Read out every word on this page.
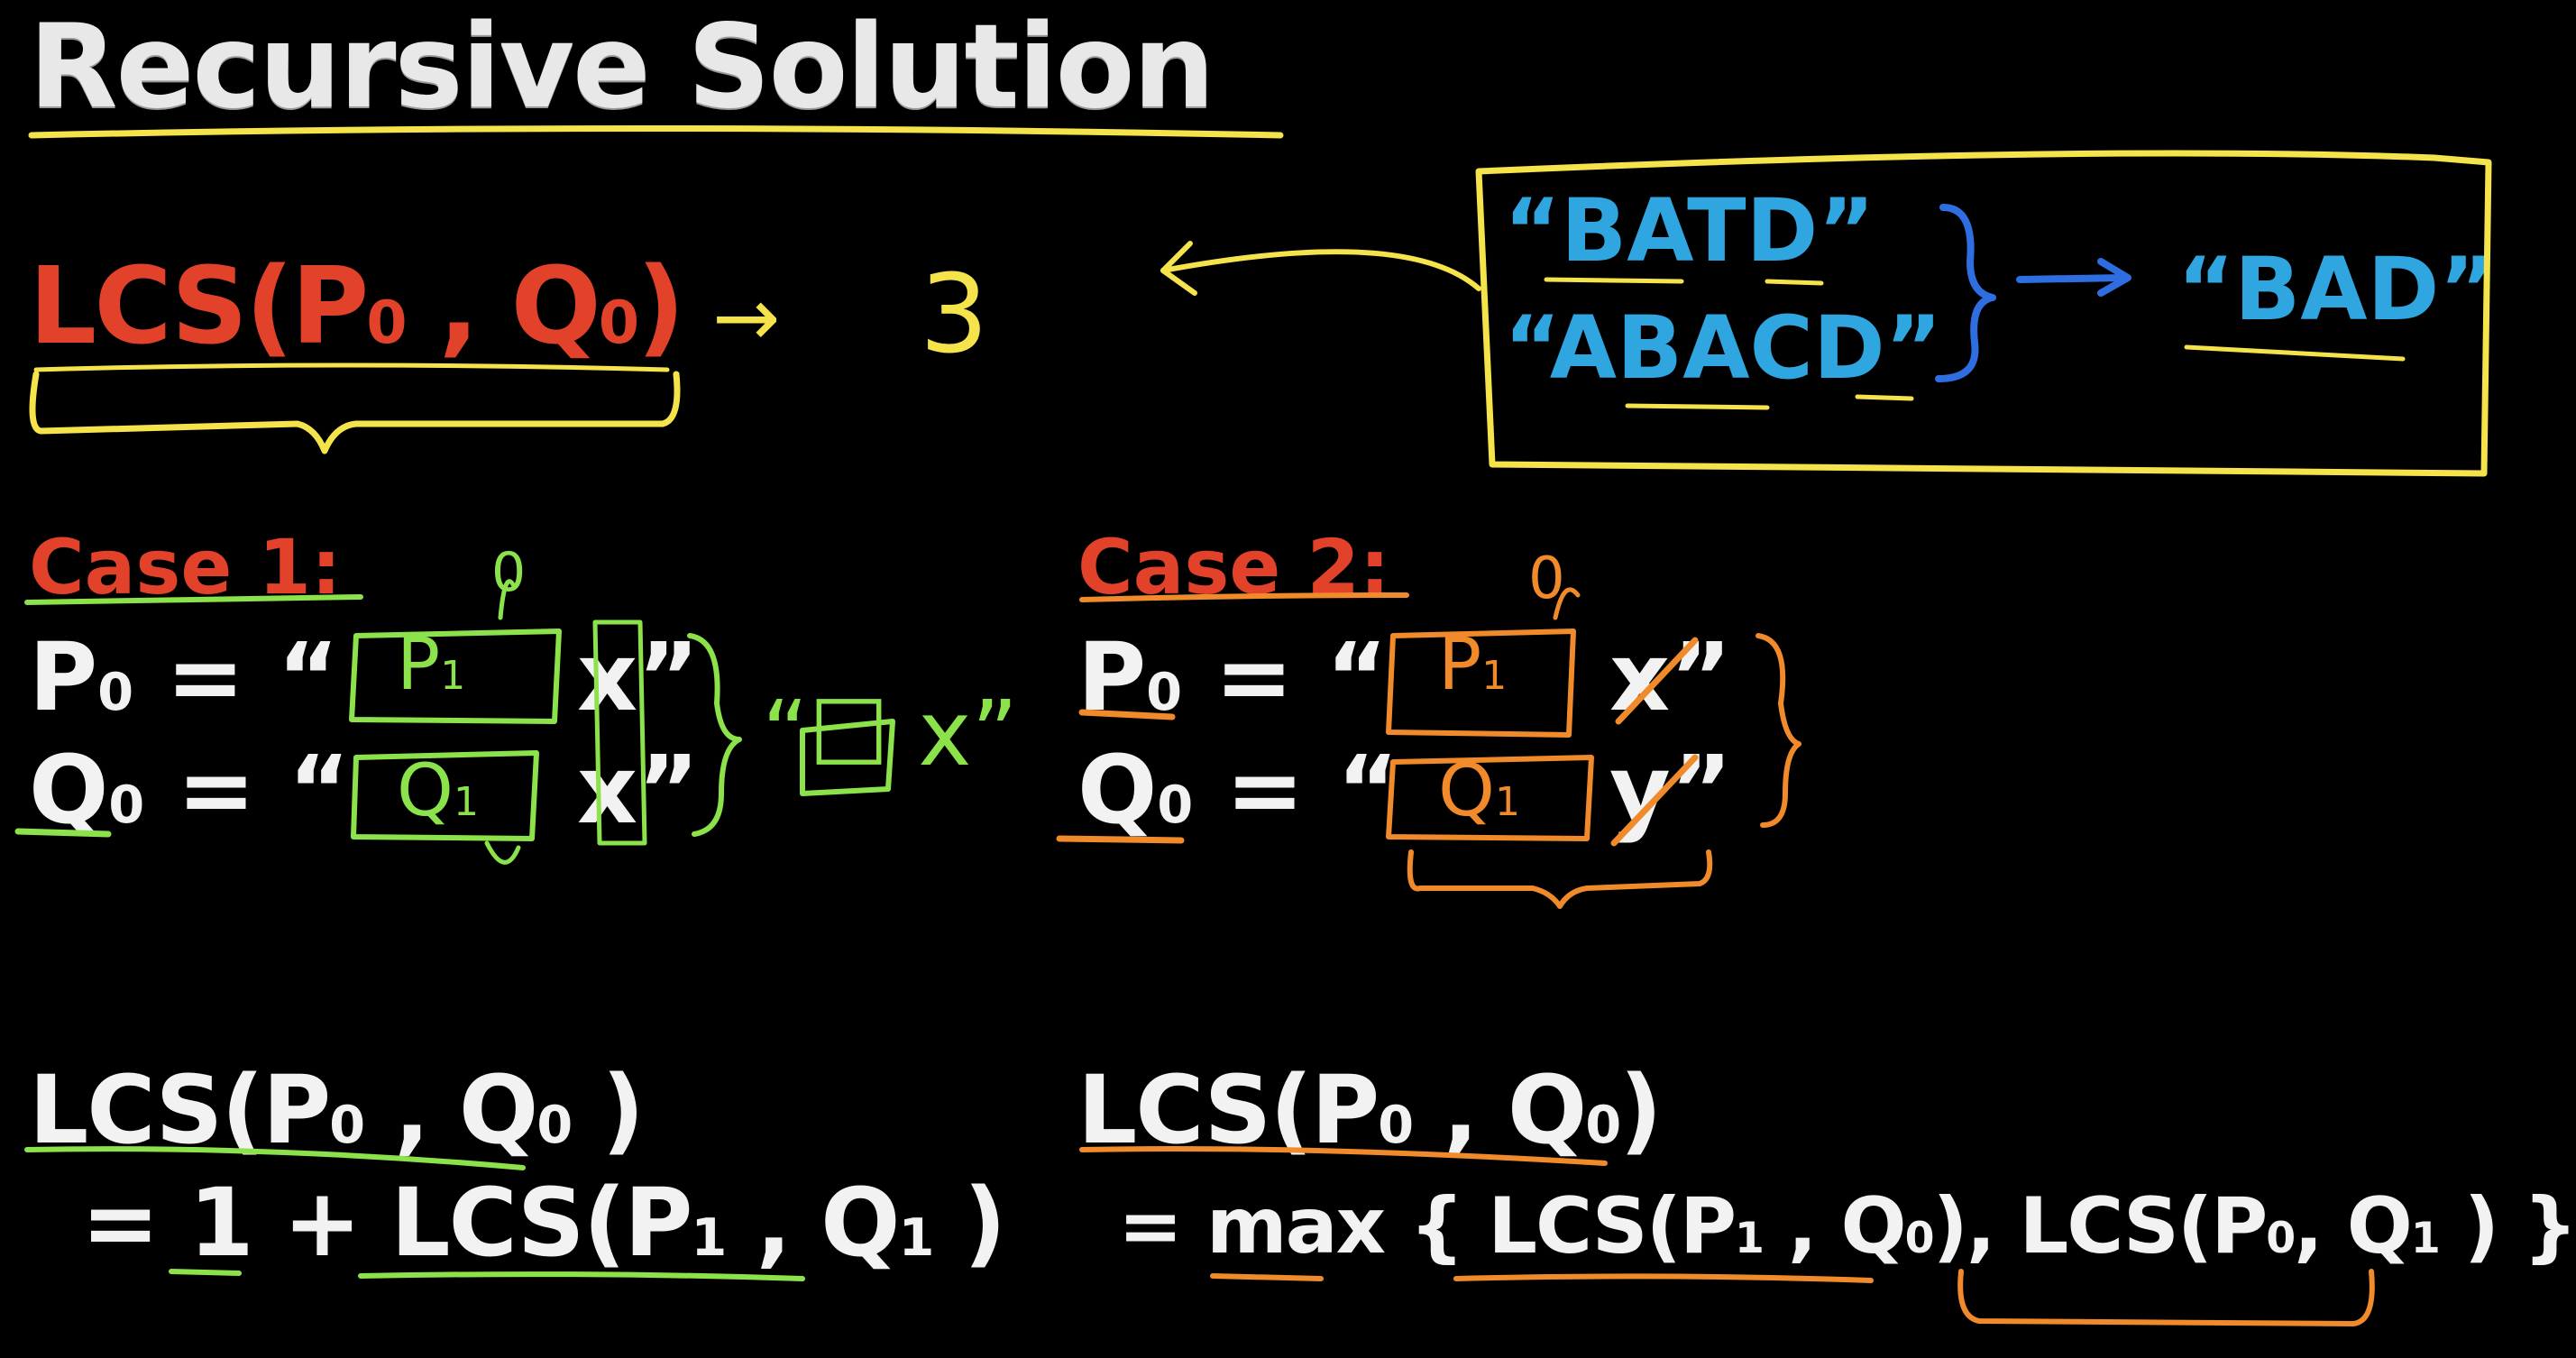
Recursive Solution
LCS(P0 , Q0) → 3
“BATD”
“ABACD”
“BAD”
Case 1:
P0 = “
Q0 = “
P1
Q1
0
x”
x”
“☐ x”
Case 2:
P0 = “
Q0 = “
P1
Q1
0
x”
y”
LCS(P0 , Q0 )
= 1 + LCS(P1 , Q1 )
LCS(P0 , Q0)
= max { LCS(P1 , Q0), LCS(P0, Q1 ) }
